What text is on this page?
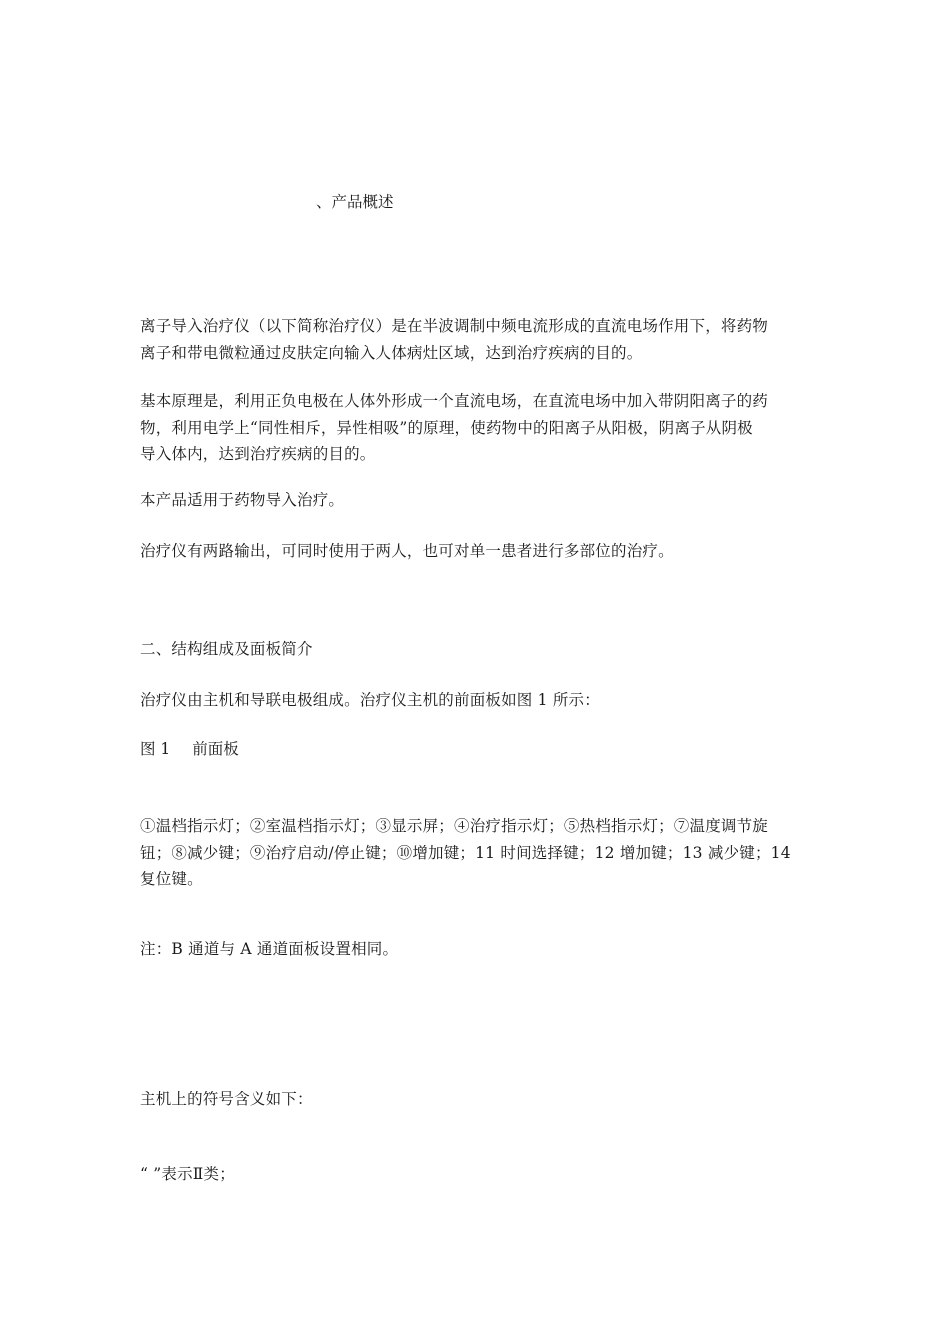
、产品概述
离子导入治疗仪（以下简称治疗仪）是在半波调制中频电流形成的直流电场作用下，将药物
离子和带电微粒通过皮肤定向输入人体病灶区域，达到治疗疾病的目的。
基本原理是，利用正负电极在人体外形成一个直流电场，在直流电场中加入带阴阳离子的药
物，利用电学上“同性相斥，异性相吸”的原理，使药物中的阳离子从阳极，阴离子从阴极
导入体内，达到治疗疾病的目的。

本产品适用于药物导入治疗。

治疗仪有两路输出，可同时使用于两人，也可对单一患者进行多部位的治疗。

二、结构组成及面板简介

治疗仪由主机和导联电极组成。治疗仪主机的前面板如图 1 所示：

图 1 前面板

①温档指示灯；②室温档指示灯；③显示屏；④治疗指示灯；⑤热档指示灯；⑦温度调节旋
钮；⑧减少键；⑨治疗启动/停止键；⑩增加键；11 时间选择键；12 增加键；13 减少键；14
复位键。

注：B 通道与 A 通道面板设置相同。

主机上的符号含义如下：

“ ”表示Ⅱ类；
